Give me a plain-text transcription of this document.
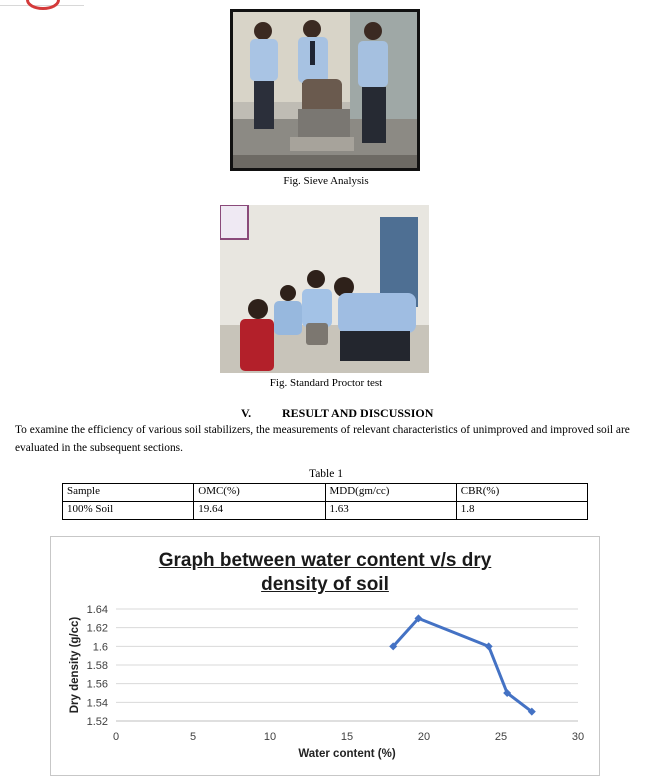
Fig. Sieve Analysis
Fig. Standard Proctor test
V.	RESULT AND DISCUSSION
To examine the efficiency of various soil stabilizers, the measurements of relevant characteristics of unimproved and improved soil are evaluated in the subsequent sections.
Table 1
Sample	OMC(%)	MDD(gm/cc)	CBR(%)
100% Soil	19.64	1.63	1.8
Graph between water content v/s dry
density of soil
1.52
1.54
1.56
1.58
1.6
1.62
1.64
0	5	10	15	20	25	30
Water content (%)
Dry density (g/cc)
